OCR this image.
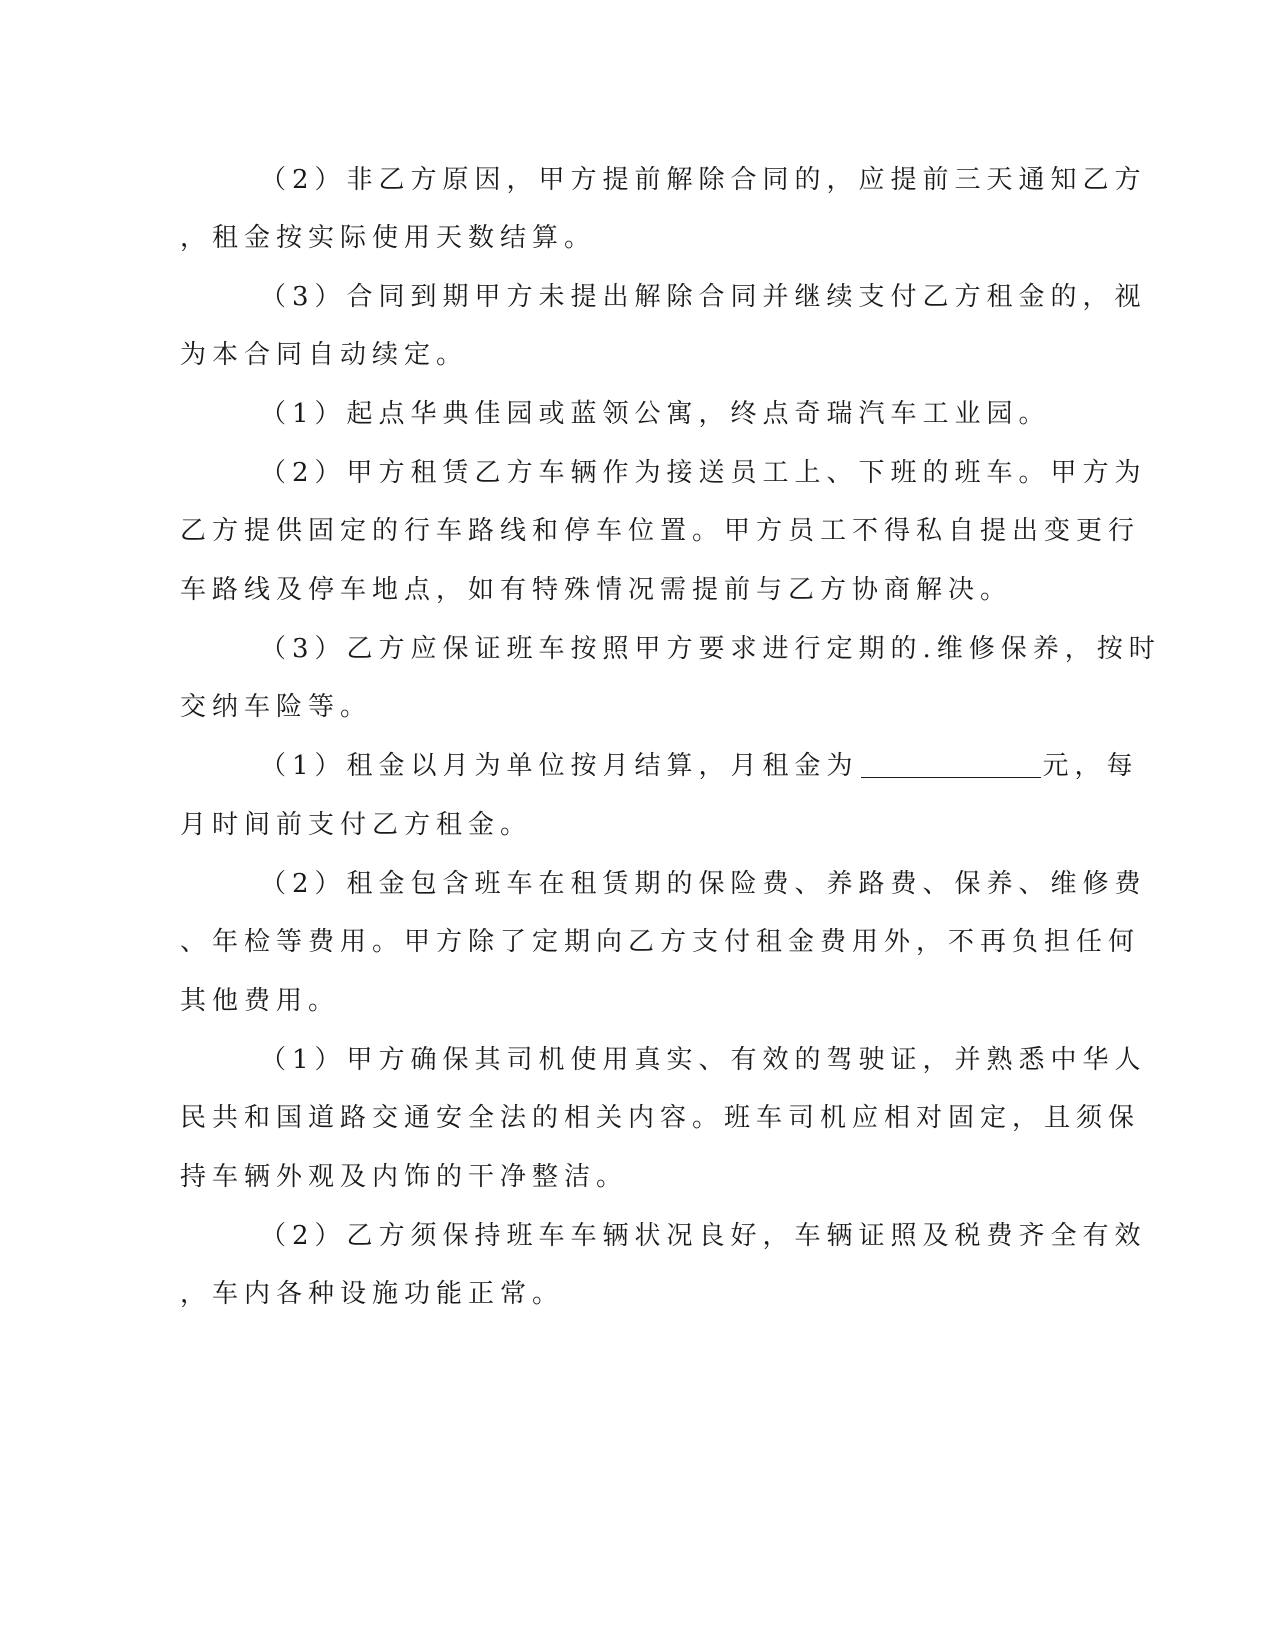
（2）非乙方原因，甲方提前解除合同的，应提前三天通知乙方
，租金按实际使用天数结算。
（3）合同到期甲方未提出解除合同并继续支付乙方租金的，视
为本合同自动续定。
（1）起点华典佳园或蓝领公寓，终点奇瑞汽车工业园。
（2）甲方租赁乙方车辆作为接送员工上、下班的班车。甲方为
乙方提供固定的行车路线和停车位置。甲方员工不得私自提出变更行
车路线及停车地点，如有特殊情况需提前与乙方协商解决。
（3）乙方应保证班车按照甲方要求进行定期的.维修保养，按时
交纳车险等。
（1）租金以月为单位按月结算，月租金为	元，每
月时间前支付乙方租金。
（2）租金包含班车在租赁期的保险费、养路费、保养、维修费
、年检等费用。甲方除了定期向乙方支付租金费用外，不再负担任何
其他费用。
（1）甲方确保其司机使用真实、有效的驾驶证，并熟悉中华人
民共和国道路交通安全法的相关内容。班车司机应相对固定，且须保
持车辆外观及内饰的干净整洁。
（2）乙方须保持班车车辆状况良好，车辆证照及税费齐全有效
，车内各种设施功能正常。
